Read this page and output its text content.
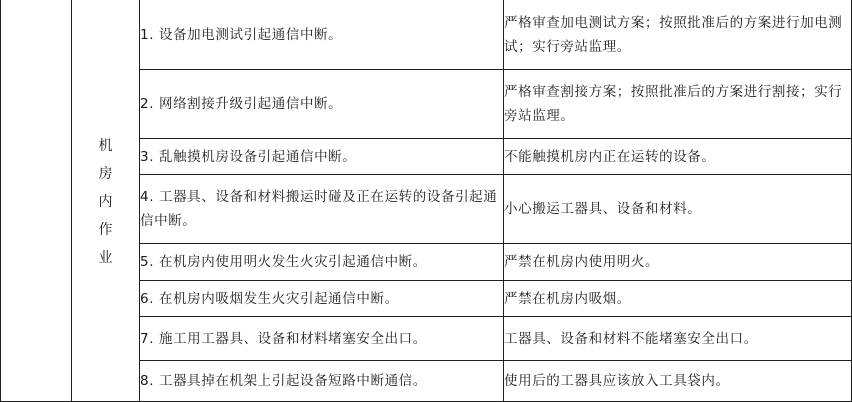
	机
房
内
作
业	1. 设备加电测试引起通信中断。	严格审查加电测试方案；按照批准后的方案进行加电测试；实行旁站监理。
		2. 网络割接升级引起通信中断。	严格审查割接方案；按照批准后的方案进行割接；实行旁站监理。
		3. 乱触摸机房设备引起通信中断。	不能触摸机房内正在运转的设备。
		4. 工器具、设备和材料搬运时碰及正在运转的设备引起通信中断。	小心搬运工器具、设备和材料。
		5. 在机房内使用明火发生火灾引起通信中断。	严禁在机房内使用明火。
		6. 在机房内吸烟发生火灾引起通信中断。	严禁在机房内吸烟。
		7. 施工用工器具、设备和材料堵塞安全出口。	工器具、设备和材料不能堵塞安全出口。
		8. 工器具掉在机架上引起设备短路中断通信。	使用后的工器具应该放入工具袋内。
